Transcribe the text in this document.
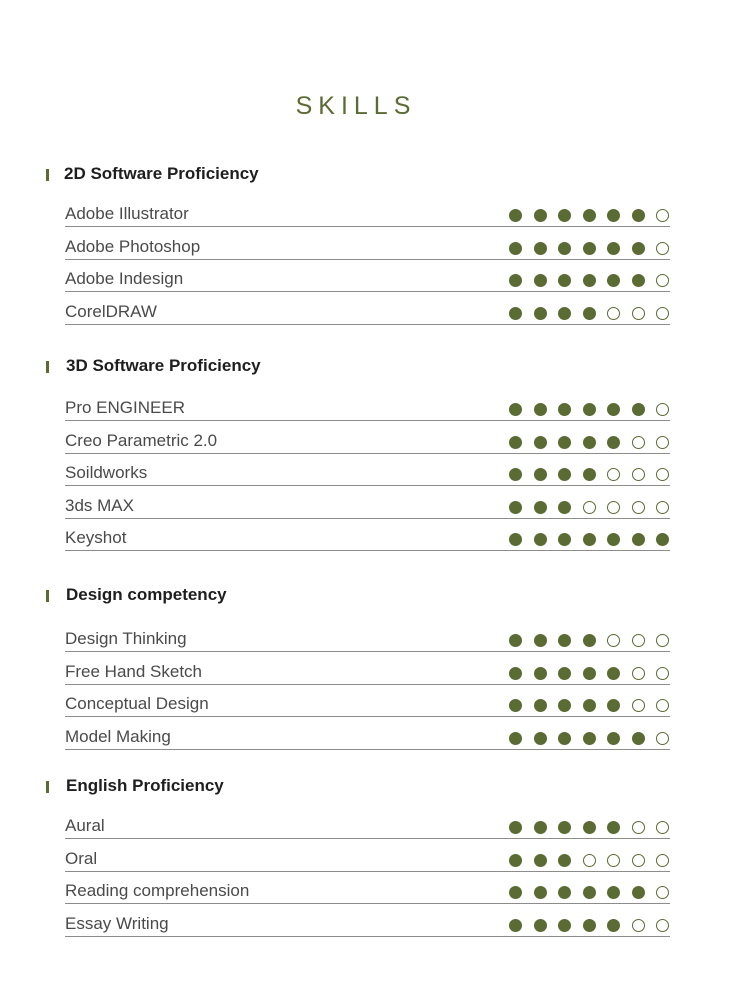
SKILLS
2D Software Proficiency
Adobe Illustrator
Adobe Photoshop
Adobe Indesign
CorelDRAW
3D Software Proficiency
Pro ENGINEER
Creo Parametric 2.0
Soildworks
3ds MAX
Keyshot
Design competency
Design Thinking
Free Hand Sketch
Conceptual Design
Model Making
English Proficiency
Aural
Oral
Reading comprehension
Essay Writing
